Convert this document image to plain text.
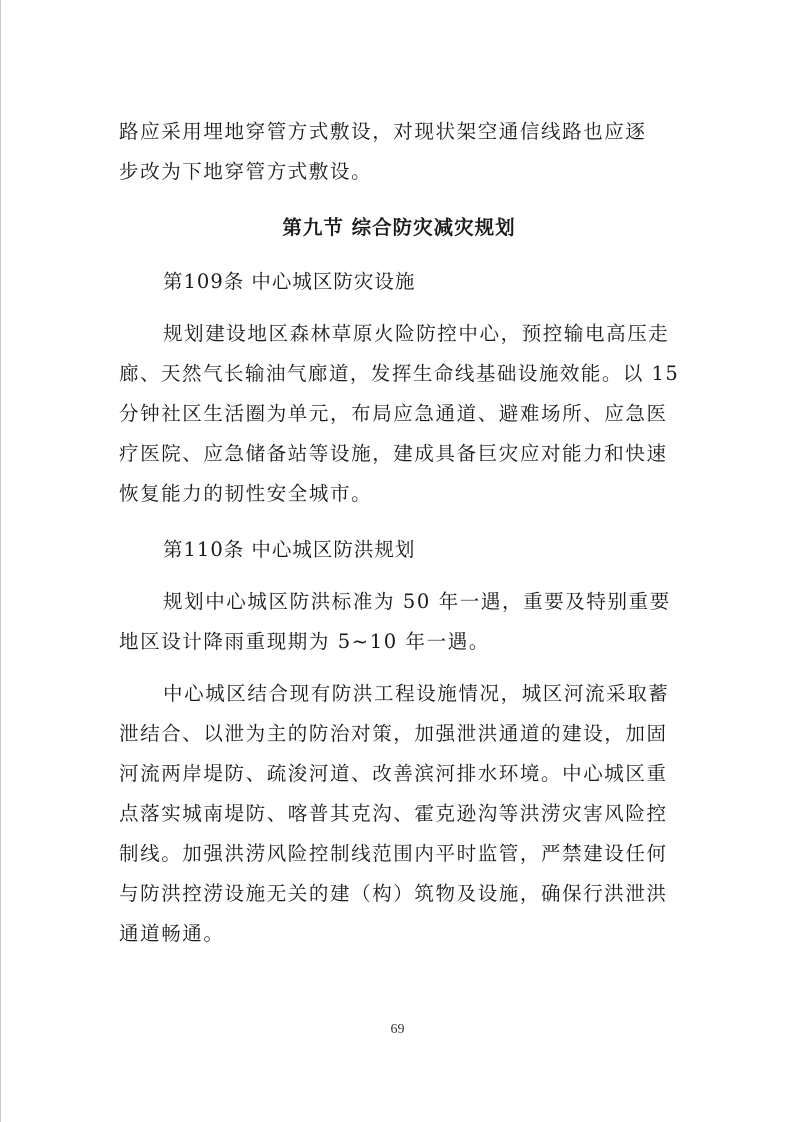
路应采用埋地穿管方式敷设，对现状架空通信线路也应逐
步改为下地穿管方式敷设。
第九节 综合防灾减灾规划
第109条 中心城区防灾设施
规划建设地区森林草原火险防控中心，预控输电高压走
廊、天然气长输油气廊道，发挥生命线基础设施效能。以 15
分钟社区生活圈为单元，布局应急通道、避难场所、应急医
疗医院、应急储备站等设施，建成具备巨灾应对能力和快速
恢复能力的韧性安全城市。
第110条 中心城区防洪规划
规划中心城区防洪标准为 50 年一遇，重要及特别重要
地区设计降雨重现期为 5~10 年一遇。
中心城区结合现有防洪工程设施情况，城区河流采取蓄
泄结合、以泄为主的防治对策，加强泄洪通道的建设，加固
河流两岸堤防、疏浚河道、改善滨河排水环境。中心城区重
点落实城南堤防、喀普其克沟、霍克逊沟等洪涝灾害风险控
制线。加强洪涝风险控制线范围内平时监管，严禁建设任何
与防洪控涝设施无关的建（构）筑物及设施，确保行洪泄洪
通道畅通。
69
